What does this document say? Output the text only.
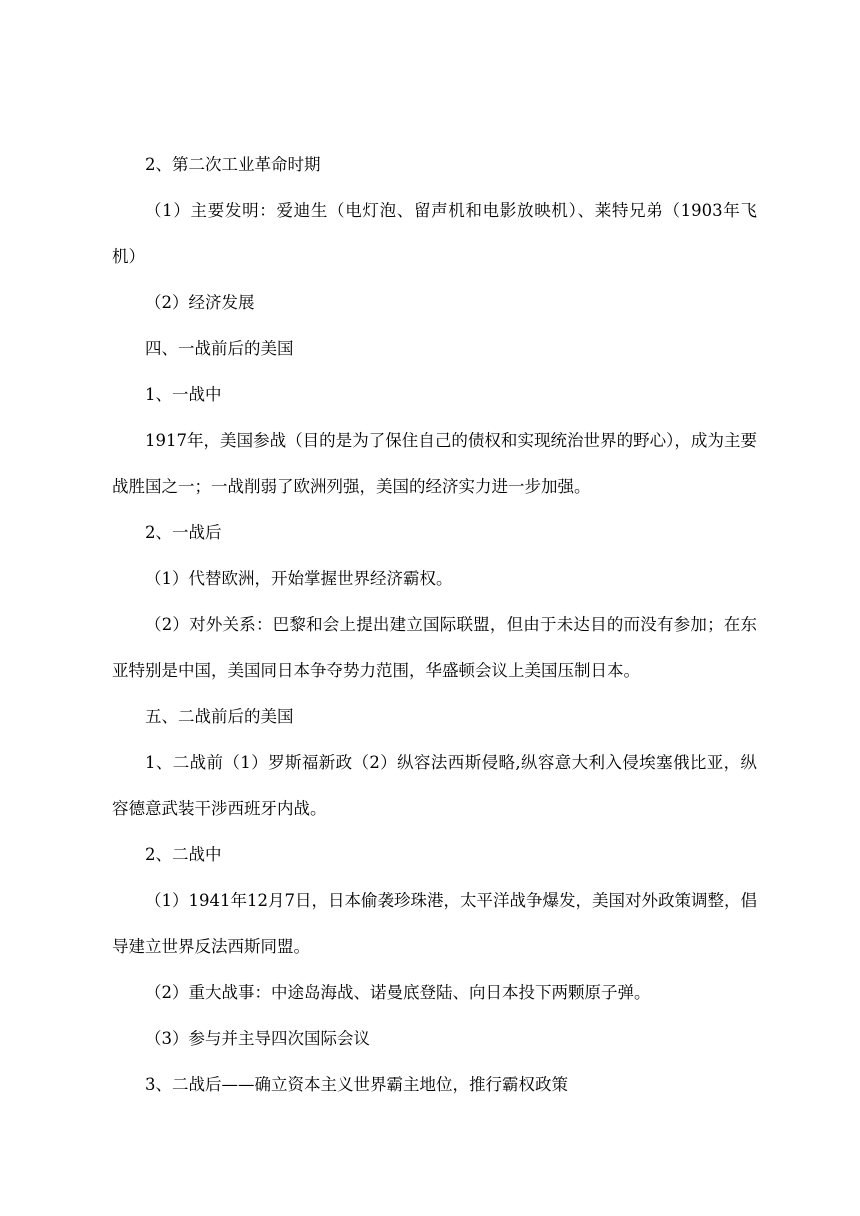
2、第二次工业革命时期

（1）主要发明：爱迪生（电灯泡、留声机和电影放映机）、莱特兄弟（1903年飞机）

（2）经济发展

四、一战前后的美国

1、一战中

1917年，美国参战（目的是为了保住自己的债权和实现统治世界的野心），成为主要战胜国之一；一战削弱了欧洲列强，美国的经济实力进一步加强。

2、一战后

（1）代替欧洲，开始掌握世界经济霸权。

（2）对外关系：巴黎和会上提出建立国际联盟，但由于未达目的而没有参加；在东亚特别是中国，美国同日本争夺势力范围，华盛顿会议上美国压制日本。

五、二战前后的美国

1、二战前（1）罗斯福新政（2）纵容法西斯侵略,纵容意大利入侵埃塞俄比亚，纵容德意武装干涉西班牙内战。

2、二战中

（1）1941年12月7日，日本偷袭珍珠港，太平洋战争爆发，美国对外政策调整，倡导建立世界反法西斯同盟。

（2）重大战事：中途岛海战、诺曼底登陆、向日本投下两颗原子弹。

（3）参与并主导四次国际会议

3、二战后——确立资本主义世界霸主地位，推行霸权政策
